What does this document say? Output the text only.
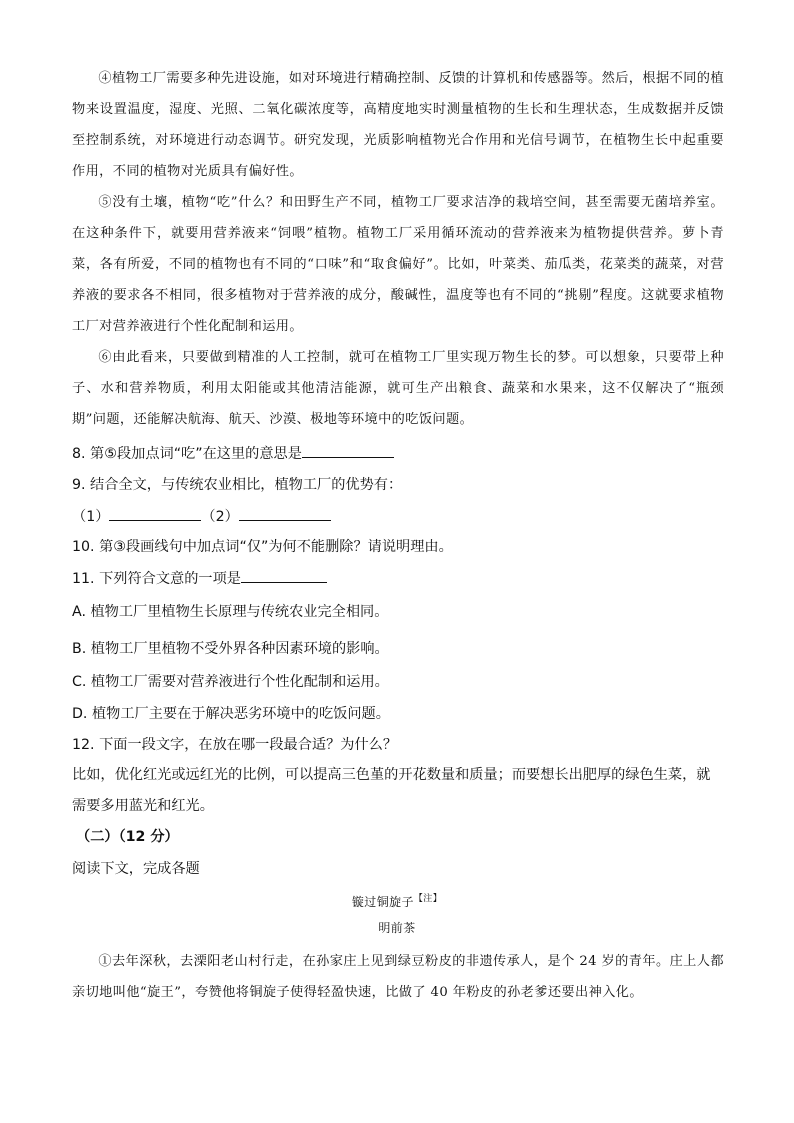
④植物工厂需要多种先进设施，如对环境进行精确控制、反馈的计算机和传感器等。然后，根据不同的植物来设置温度，湿度、光照、二氧化碳浓度等，高精度地实时测量植物的生长和生理状态，生成数据并反馈至控制系统，对环境进行动态调节。研究发现，光质影响植物光合作用和光信号调节，在植物生长中起重要作用，不同的植物对光质具有偏好性。

⑤没有土壤，植物“吃”什么？和田野生产不同，植物工厂要求洁净的栽培空间，甚至需要无菌培养室。在这种条件下，就要用营养液来“饲喂”植物。植物工厂采用循环流动的营养液来为植物提供营养。萝卜青菜，各有所爱，不同的植物也有不同的“口味”和“取食偏好”。比如，叶菜类、茄瓜类，花菜类的蔬菜，对营养液的要求各不相同，很多植物对于营养液的成分，酸碱性，温度等也有不同的“挑剔”程度。这就要求植物工厂对营养液进行个性化配制和运用。

⑥由此看来，只要做到精准的人工控制，就可在植物工厂里实现万物生长的梦。可以想象，只要带上种子、水和营养物质，利用太阳能或其他清洁能源，就可生产出粮食、蔬菜和水果来，这不仅解决了“瓶颈期”问题，还能解决航海、航天、沙漠、极地等环境中的吃饭问题。

8. 第⑤段加点词“吃”在这里的意思是
9. 结合全文，与传统农业相比，植物工厂的优势有：
（1）	（2）
10. 第③段画线句中加点词“仅”为何不能删除？请说明理由。
11. 下列符合文意的一项是
A. 植物工厂里植物生长原理与传统农业完全相同。
B. 植物工厂里植物不受外界各种因素环境的影响。
C. 植物工厂需要对营养液进行个性化配制和运用。
D. 植物工厂主要在于解决恶劣环境中的吃饭问题。
12. 下面一段文字，在放在哪一段最合适？为什么？

比如，优化红光或远红光的比例，可以提高三色堇的开花数量和质量；而要想长出肥厚的绿色生菜，就需要多用蓝光和红光。

（二）（12 分）
阅读下文，完成各题
镟过铜旋子$^{【注】}$
明前茶

①去年深秋，去溧阳老山村行走，在孙家庄上见到绿豆粉皮的非遗传承人，是个 24 岁的青年。庄上人都亲切地叫他“旋王”，夸赞他将铜旋子使得轻盈快速，比做了 40 年粉皮的孙老爹还要出神入化。
